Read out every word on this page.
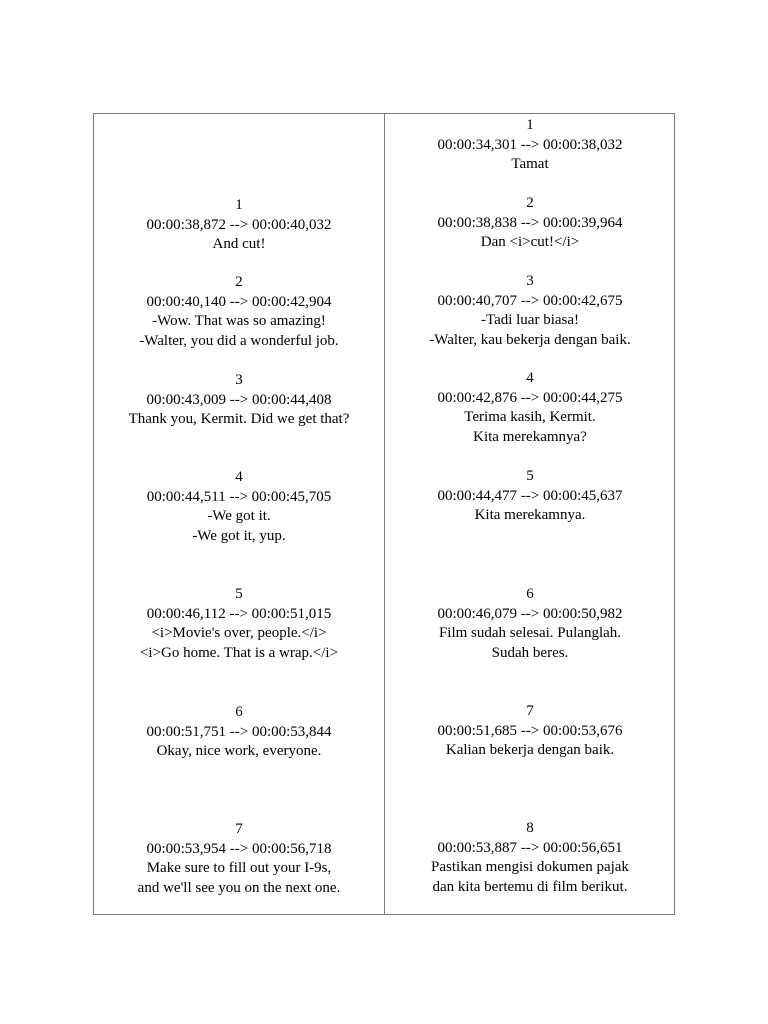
1
00:00:38,872 --> 00:00:40,032
And cut!
2
00:00:40,140 --> 00:00:42,904
-Wow. That was so amazing!
-Walter, you did a wonderful job.
3
00:00:43,009 --> 00:00:44,408
Thank you, Kermit. Did we get that?
4
00:00:44,511 --> 00:00:45,705
-We got it.
-We got it, yup.
5
00:00:46,112 --> 00:00:51,015
<i>Movie's over, people.</i>
<i>Go home. That is a wrap.</i>
6
00:00:51,751 --> 00:00:53,844
Okay, nice work, everyone.
7
00:00:53,954 --> 00:00:56,718
Make sure to fill out your I-9s,
and we'll see you on the next one.
1
00:00:34,301 --> 00:00:38,032
Tamat
2
00:00:38,838 --> 00:00:39,964
Dan <i>cut!</i>
3
00:00:40,707 --> 00:00:42,675
-Tadi luar biasa!
-Walter, kau bekerja dengan baik.
4
00:00:42,876 --> 00:00:44,275
Terima kasih, Kermit.
Kita merekamnya?
5
00:00:44,477 --> 00:00:45,637
Kita merekamnya.
6
00:00:46,079 --> 00:00:50,982
Film sudah selesai. Pulanglah.
Sudah beres.
7
00:00:51,685 --> 00:00:53,676
Kalian bekerja dengan baik.
8
00:00:53,887 --> 00:00:56,651
Pastikan mengisi dokumen pajak
dan kita bertemu di film berikut.
